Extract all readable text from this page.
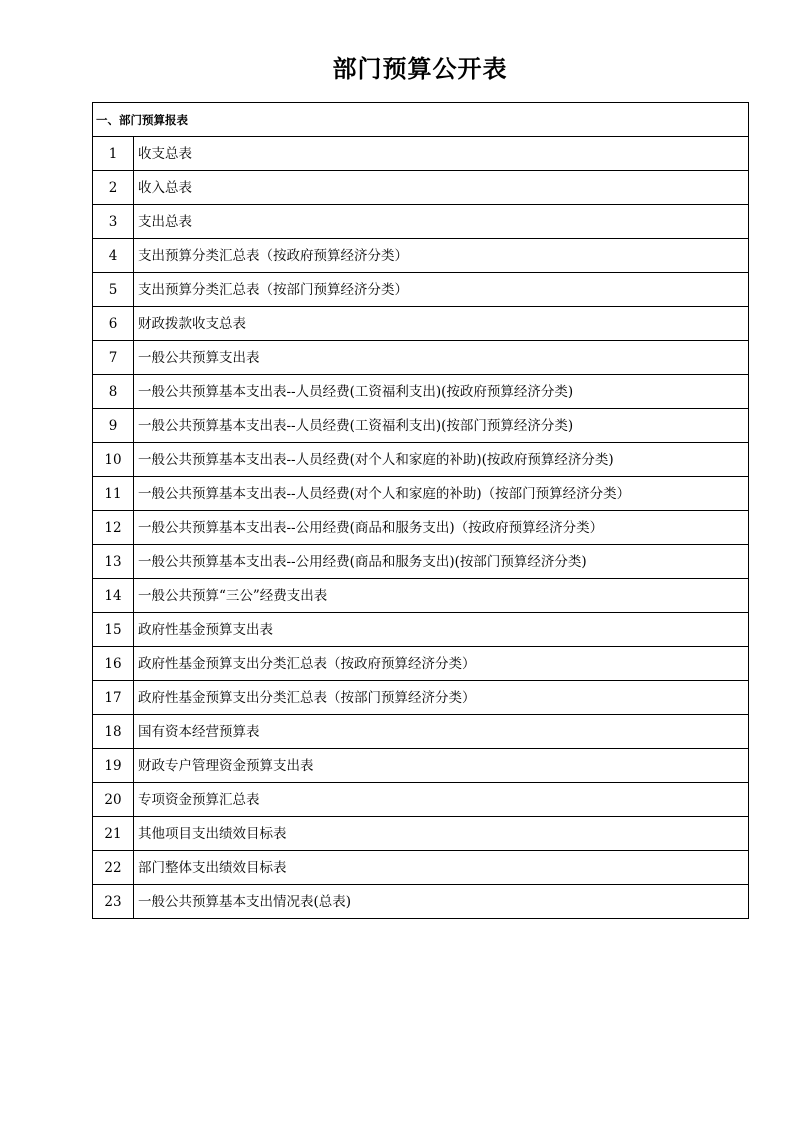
部门预算公开表
一、部门预算报表	
1	收支总表
2	收入总表
3	支出总表
4	支出预算分类汇总表（按政府预算经济分类）
5	支出预算分类汇总表（按部门预算经济分类）
6	财政拨款收支总表
7	一般公共预算支出表
8	一般公共预算基本支出表--人员经费(工资福利支出)(按政府预算经济分类)
9	一般公共预算基本支出表--人员经费(工资福利支出)(按部门预算经济分类)
10	一般公共预算基本支出表--人员经费(对个人和家庭的补助)(按政府预算经济分类)
11	一般公共预算基本支出表--人员经费(对个人和家庭的补助)（按部门预算经济分类）
12	一般公共预算基本支出表--公用经费(商品和服务支出)（按政府预算经济分类）
13	一般公共预算基本支出表--公用经费(商品和服务支出)(按部门预算经济分类)
14	一般公共预算“三公”经费支出表
15	政府性基金预算支出表
16	政府性基金预算支出分类汇总表（按政府预算经济分类）
17	政府性基金预算支出分类汇总表（按部门预算经济分类）
18	国有资本经营预算表
19	财政专户管理资金预算支出表
20	专项资金预算汇总表
21	其他项目支出绩效目标表
22	部门整体支出绩效目标表
23	一般公共预算基本支出情况表(总表)
